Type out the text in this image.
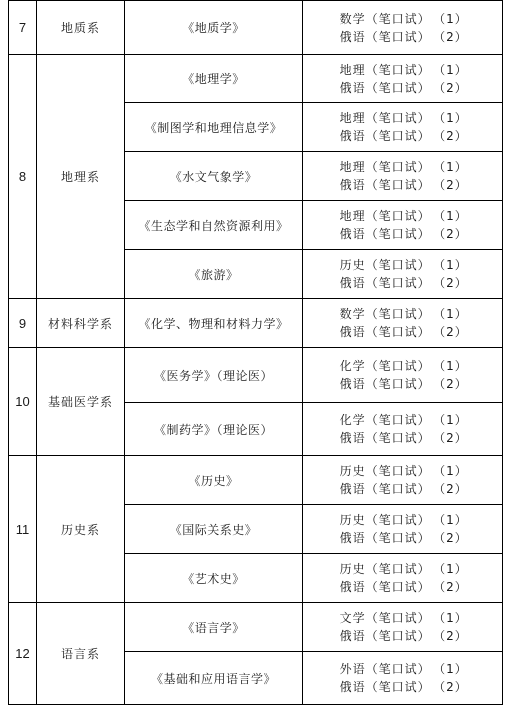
7	地质系	《地质学》	数学（笔口试） （1）
俄语（笔口试） （2）

8	地理系	《地理学》	地理（笔口试） （1）
俄语（笔口试） （2）

		《制图学和地理信息学》	地理（笔口试） （1）
俄语（笔口试） （2）

		《水文气象学》	地理（笔口试） （1）
俄语（笔口试） （2）

		《生态学和自然资源利用》	地理（笔口试） （1）
俄语（笔口试） （2）

		《旅游》	历史（笔口试） （1）
俄语（笔口试） （2）

9	材料科学系	《化学、物理和材料力学》	数学（笔口试） （1）
俄语（笔口试） （2）

10	基础医学系	《医务学》（理论医）	化学（笔口试） （1）
俄语（笔口试） （2）

		《制药学》（理论医）	化学（笔口试） （1）
俄语（笔口试） （2）

11	历史系	《历史》	历史（笔口试） （1）
俄语（笔口试） （2）

		《国际关系史》	历史（笔口试） （1）
俄语（笔口试） （2）

		《艺术史》	历史（笔口试） （1）
俄语（笔口试） （2）

12	语言系	《语言学》	文学（笔口试） （1）
俄语（笔口试） （2）

		《基础和应用语言学》	外语（笔口试） （1）
俄语（笔口试） （2）
